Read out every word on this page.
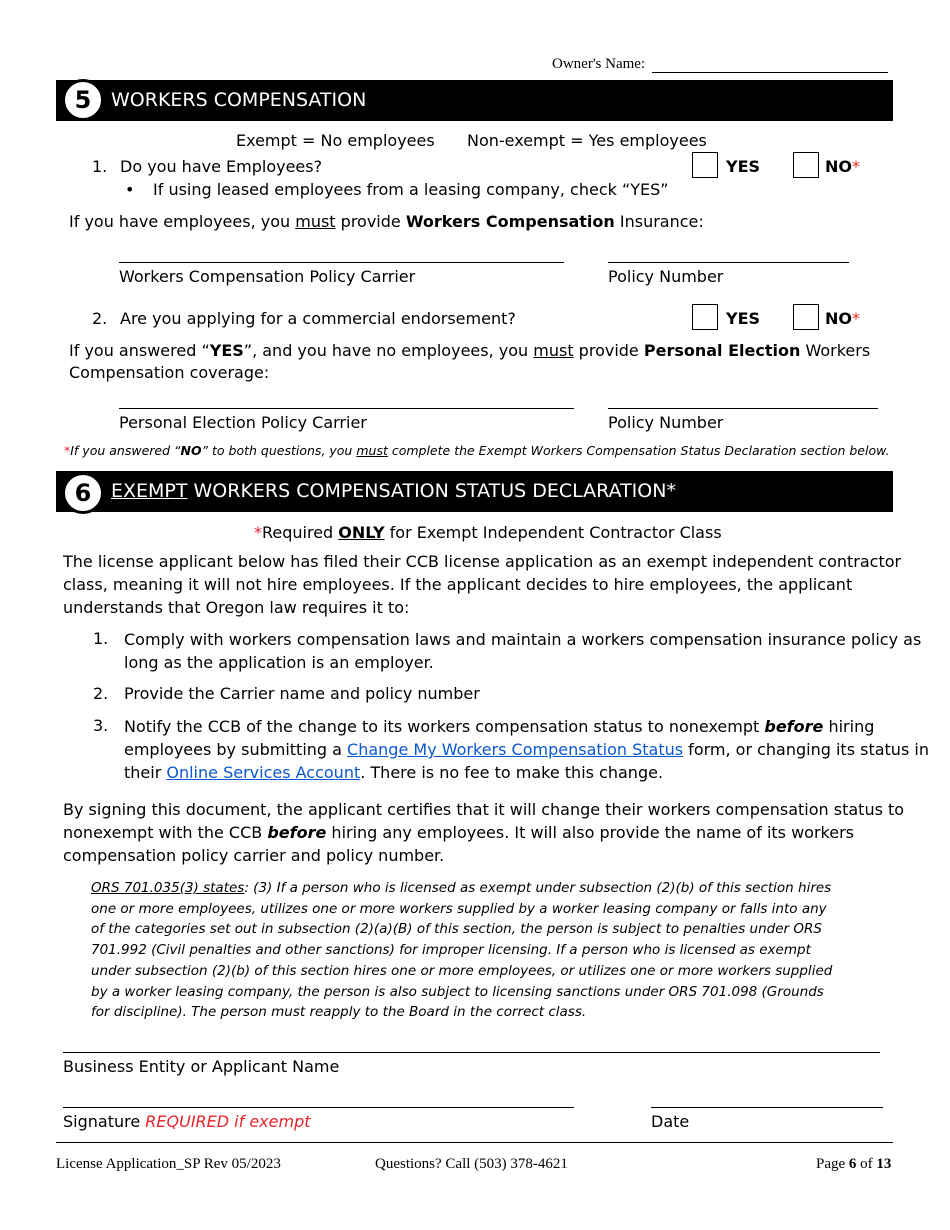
Owner's Name:
5	WORKERS COMPENSATION
Exempt = No employees Non-exempt = Yes employees
1. Do you have Employees?
• If using leased employees from a leasing company, check “YES”
YES	NO*
If you have employees, you must provide Workers Compensation Insurance:
Workers Compensation Policy Carrier	Policy Number
2. Are you applying for a commercial endorsement?	YES	NO*
If you answered “YES”, and you have no employees, you must provide Personal Election Workers
Compensation coverage:
Personal Election Policy Carrier	Policy Number
*If you answered “NO” to both questions, you must complete the Exempt Workers Compensation Status Declaration section below.
6	EXEMPT WORKERS COMPENSATION STATUS DECLARATION*
*Required ONLY for Exempt Independent Contractor Class
The license applicant below has filed their CCB license application as an exempt independent contractor
class, meaning it will not hire employees. If the applicant decides to hire employees, the applicant
understands that Oregon law requires it to:
1. Comply with workers compensation laws and maintain a workers compensation insurance policy as
long as the application is an employer.
2. Provide the Carrier name and policy number
3. Notify the CCB of the change to its workers compensation status to nonexempt before hiring
employees by submitting a Change My Workers Compensation Status form, or changing its status in
their Online Services Account. There is no fee to make this change.
By signing this document, the applicant certifies that it will change their workers compensation status to
nonexempt with the CCB before hiring any employees. It will also provide the name of its workers
compensation policy carrier and policy number.
ORS 701.035(3) states: (3) If a person who is licensed as exempt under subsection (2)(b) of this section hires
one or more employees, utilizes one or more workers supplied by a worker leasing company or falls into any
of the categories set out in subsection (2)(a)(B) of this section, the person is subject to penalties under ORS
701.992 (Civil penalties and other sanctions) for improper licensing. If a person who is licensed as exempt
under subsection (2)(b) of this section hires one or more employees, or utilizes one or more workers supplied
by a worker leasing company, the person is also subject to licensing sanctions under ORS 701.098 (Grounds
for discipline). The person must reapply to the Board in the correct class.
Business Entity or Applicant Name
Signature REQUIRED if exempt	Date
License Application_SP Rev 05/2023	Questions? Call (503) 378-4621	Page 6 of 13
